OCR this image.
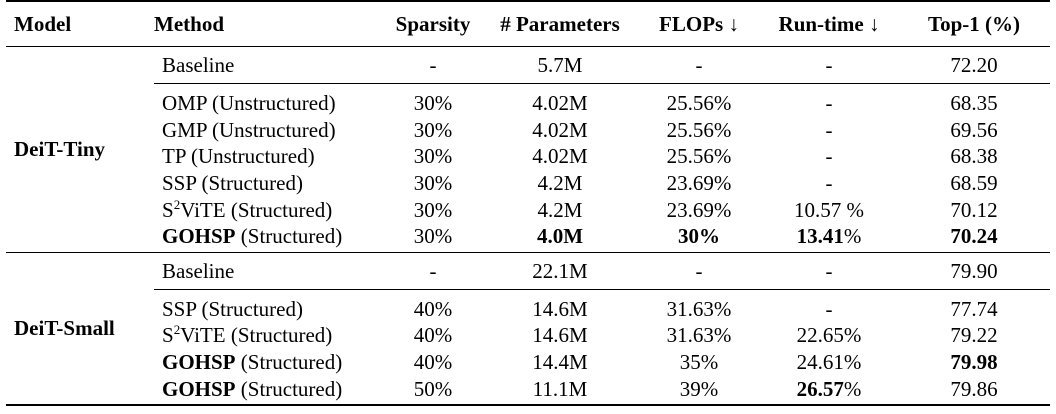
Model	Method	Sparsity	# Parameters	FLOPs ↓	Run-time ↓	Top-1 (%)
DeiT-Tiny	Baseline	-	5.7M	-	-	72.20
	OMP (Unstructured)	30%	4.02M	25.56%	-	68.35
	GMP (Unstructured)	30%	4.02M	25.56%	-	69.56
	TP (Unstructured)	30%	4.02M	25.56%	-	68.38
	SSP (Structured)	30%	4.2M	23.69%	-	68.59
	$S^2ViTE$ (Structured)	30%	4.2M	23.69%	10.57 %	70.12
	GOHSP (Structured)	30%	4.0M	30%	13.41%	70.24
DeiT-Small	Baseline	-	22.1M	-	-	79.90
	SSP (Structured)	40%	14.6M	31.63%	-	77.74
	$S^2ViTE$ (Structured)	40%	14.6M	31.63%	22.65%	79.22
	GOHSP (Structured)	40%	14.4M	35%	24.61%	79.98
	GOHSP (Structured)	50%	11.1M	39%	26.57%	79.86
